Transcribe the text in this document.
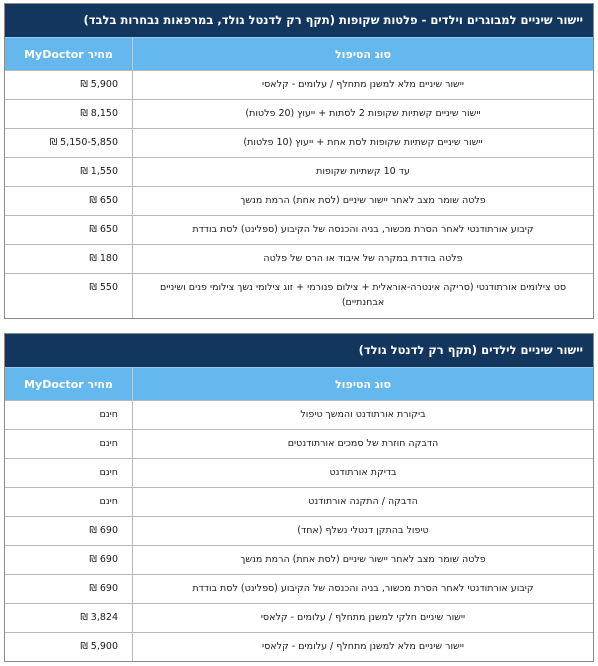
יישור שיניים למבוגרים וילדים - פלטות שקופות (תקף רק לדנטל גולד, במרפאות נבחרות בלבד)
סוג הטיפול
מחיר MyDoctor
יישור שיניים מלא למשנן מתחלף / עלומים - קלאסי
₪ 5,900
יישור שיניים קשתיות שקופות 2 לסתות + ייעוץ (20 פלטות)
₪ 8,150
יישור שיניים קשתיות שקופות לסת אחת + ייעוץ (10 פלטות)
₪ 5,150-5,850
עד 10 קשתיות שקופות
₪ 1,550
פלטה שומר מצב לאחר יישור שיניים (לסת אחת) הרמת מנשך
₪ 650
קיבוע אורתודנטי לאחר הסרת מכשור, בניה והכנסה של הקיבוע (ספלינט) לסת בודדת
₪ 650
פלטה בודדת במקרה של איבוד או הרס של פלטה
₪ 180
סט צילומים אורתודנטי (סריקה אינטרה-אוראלית + צילום פנורמי + זוג צילומי נשך צילומי פנים ושיניים אבחנתיים)
₪ 550
יישור שיניים לילדים (תקף רק לדנטל גולד)
סוג הטיפול
מחיר MyDoctor
ביקורת אורתודנט והמשך טיפול
חינם
הדבקה חוזרת של סמכים אורתודנטים
חינם
בדיקת אורתודנט
חינם
הדבקה / התקנה אורתודנט
חינם
טיפול בהתקן דנטלי נשלף (אחד)
₪ 690
פלטה שומר מצב לאחר יישור שיניים (לסת אחת) הרמת מנשך
₪ 690
קיבוע אורתודנטי לאחר הסרת מכשור, בניה והכנסה של הקיבוע (ספלינט) לסת בודדת
₪ 690
יישור שיניים חלקי למשנן מתחלף / עלומים - קלאסי
₪ 3,824
יישור שיניים מלא למשנן מתחלף / עלומים - קלאסי
₪ 5,900
